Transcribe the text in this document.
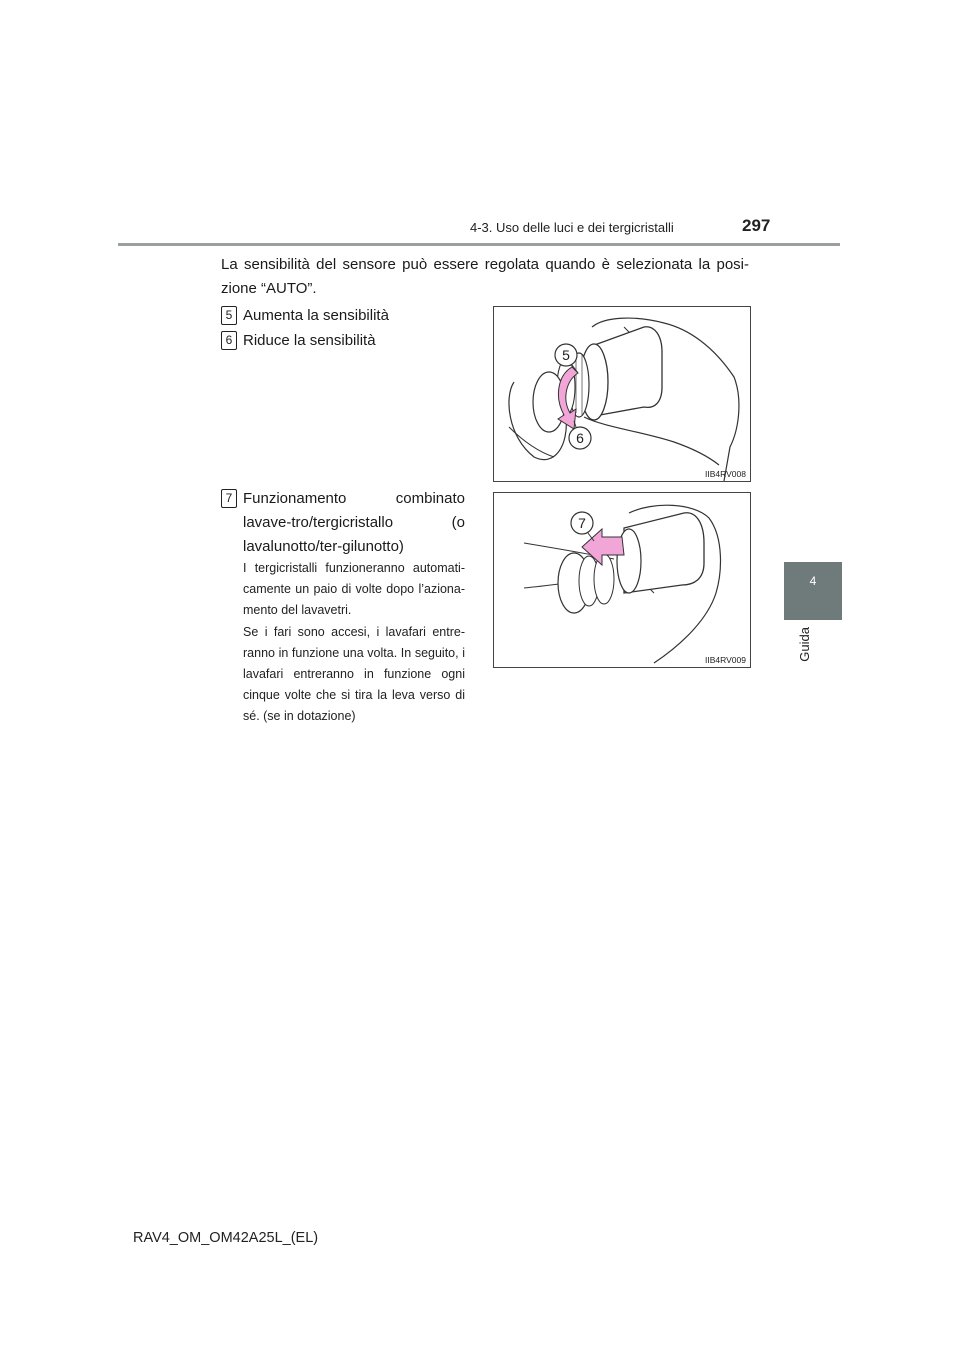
4-3. Uso delle luci e dei tergicristalli	297
4
Guida
La sensibilità del sensore può essere regolata quando è selezionata la posi-zione “AUTO”.
5 Aumenta la sensibilità
6 Riduce la sensibilità
7 Funzionamento combinato lavave-tro/tergicristallo (o lavalunotto/ter-gilunotto)
I tergicristalli funzioneranno automati-camente un paio di volte dopo l’aziona-mento del lavavetri.
Se i fari sono accesi, i lavafari entre-ranno in funzione una volta. In seguito, i lavafari entreranno in funzione ogni cinque volte che si tira la leva verso di sé. (se in dotazione)
5
6
IIB4RV008
7
IIB4RV009
RAV4_OM_OM42A25L_(EL)
